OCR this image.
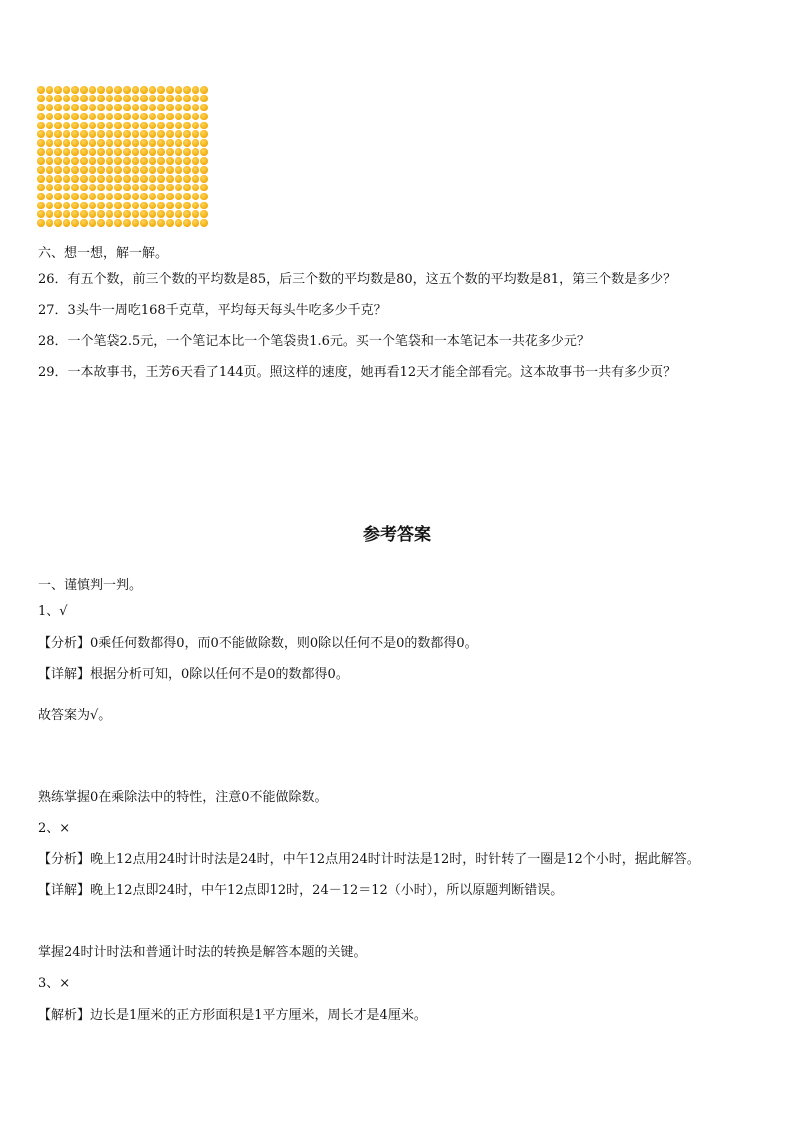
六、想一想，解一解。
26．有五个数，前三个数的平均数是85，后三个数的平均数是80，这五个数的平均数是81，第三个数是多少？
27．3头牛一周吃168千克草，平均每天每头牛吃多少千克？
28．一个笔袋2.5元，一个笔记本比一个笔袋贵1.6元。买一个笔袋和一本笔记本一共花多少元？
29．一本故事书，王芳6天看了144页。照这样的速度，她再看12天才能全部看完。这本故事书一共有多少页？
参考答案
一、谨慎判一判。
1、√
【分析】0乘任何数都得0，而0不能做除数，则0除以任何不是0的数都得0。
【详解】根据分析可知，0除以任何不是0的数都得0。
故答案为√。
熟练掌握0在乘除法中的特性，注意0不能做除数。
2、×
【分析】晚上12点用24时计时法是24时，中午12点用24时计时法是12时，时针转了一圈是12个小时，据此解答。
【详解】晚上12点即24时，中午12点即12时，24－12＝12（小时），所以原题判断错误。
掌握24时计时法和普通计时法的转换是解答本题的关键。
3、×
【解析】边长是1厘米的正方形面积是1平方厘米，周长才是4厘米。
